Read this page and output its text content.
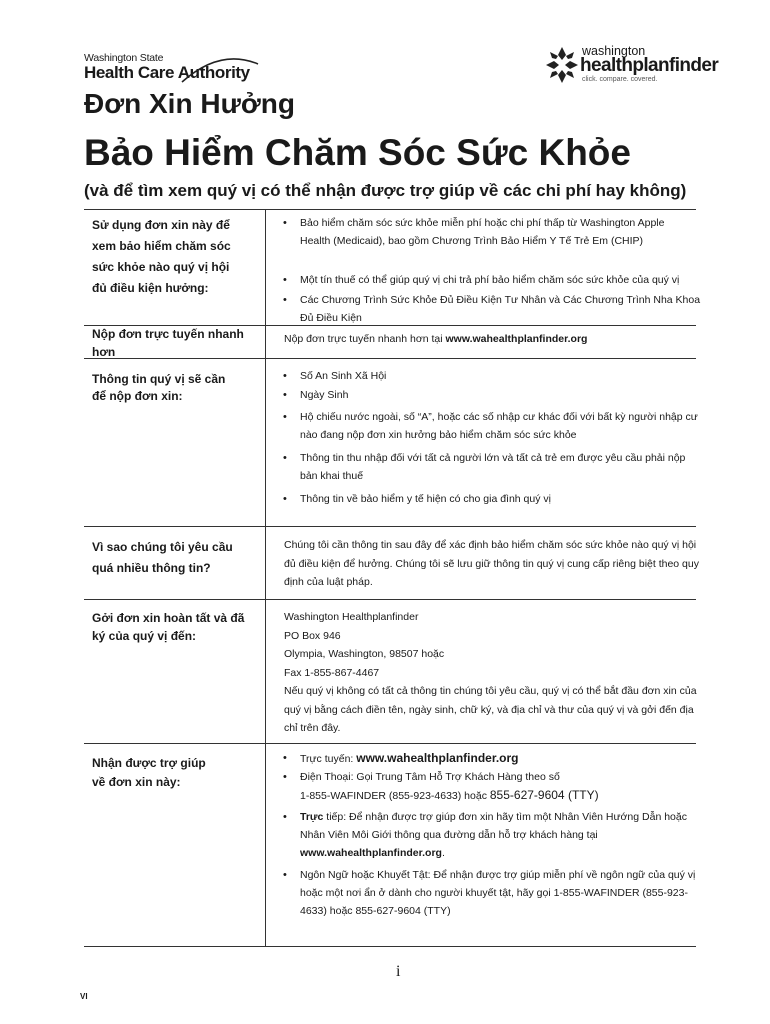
Washington State
Health Care Authority
washington
healthplanfinder
click. compare. covered.
Đơn Xin Hưởng
Bảo Hiểm Chăm Sóc Sức Khỏe
(và để tìm xem quý vị có thể nhận được trợ giúp về các chi phí hay không)
Sử dụng đơn xin này để
xem bảo hiểm chăm sóc
sức khỏe nào quý vị hội
đủ điều kiện hưởng:
• Bảo hiểm chăm sóc sức khỏe miễn phí hoặc chi phí thấp từ Washington Apple Health (Medicaid), bao gồm Chương Trình Bảo Hiểm Y Tế Trẻ Em (CHIP)
• Một tín thuế có thể giúp quý vị chi trả phí bảo hiểm chăm sóc sức khỏe của quý vị
• Các Chương Trình Sức Khỏe Đủ Điều Kiện Tư Nhân và Các Chương Trình Nha Khoa Đủ Điều Kiện
Nộp đơn trực tuyến nhanh
hơn
Nộp đơn trực tuyến nhanh hơn tại www.wahealthplanfinder.org
Thông tin quý vị sẽ cần
để nộp đơn xin:
• Số An Sinh Xã Hội
• Ngày Sinh
• Hộ chiếu nước ngoài, số “A”, hoặc các số nhập cư khác đối với bất kỳ người nhập cư nào đang nộp đơn xin hưởng bảo hiểm chăm sóc sức khỏe
• Thông tin thu nhập đối với tất cả người lớn và tất cả trẻ em được yêu cầu phải nộp bản khai thuế
• Thông tin về bảo hiểm y tế hiện có cho gia đình quý vị
Vì sao chúng tôi yêu cầu
quá nhiều thông tin?
Chúng tôi cần thông tin sau đây để xác định bảo hiểm chăm sóc sức khỏe nào quý vị hội đủ điều kiện để hưởng. Chúng tôi sẽ lưu giữ thông tin quý vị cung cấp riêng biệt theo quy định của luật pháp.
Gởi đơn xin hoàn tất và đã
ký của quý vị đến:
Washington Healthplanfinder
PO Box 946
Olympia, Washington, 98507 hoặc
Fax 1-855-867-4467
Nếu quý vị không có tất cả thông tin chúng tôi yêu cầu, quý vị có thể bắt đầu đơn xin của quý vị bằng cách điền tên, ngày sinh, chữ ký, và địa chỉ và thư của quý vị và gởi đến địa chỉ trên đây.
Nhận được trợ giúp
về đơn xin này:
• Trực tuyến: www.wahealthplanfinder.org
• Điện Thoại: Gọi Trung Tâm Hỗ Trợ Khách Hàng theo số
1-855-WAFINDER (855-923-4633) hoặc 855-627-9604 (TTY)
• Trực tiếp: Để nhận được trợ giúp đơn xin hãy tìm một Nhân Viên Hướng Dẫn hoặc Nhân Viên Môi Giới thông qua đường dẫn hỗ trợ khách hàng tại www.wahealthplanfinder.org.
• Ngôn Ngữ hoặc Khuyết Tật: Để nhận được trợ giúp miễn phí về ngôn ngữ của quý vị hoặc một nơi ẩn ở dành cho người khuyết tật, hãy gọi 1-855-WAFINDER (855-923-4633) hoặc 855-627-9604 (TTY)
i
VI
